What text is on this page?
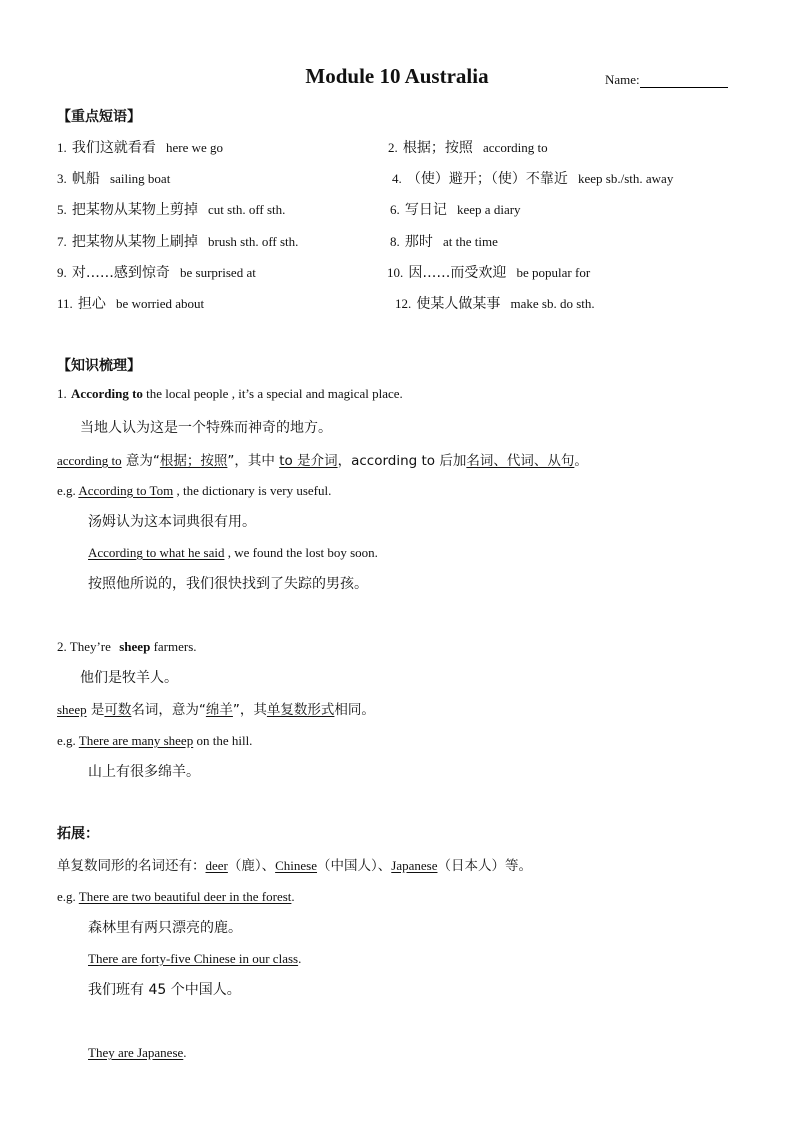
Module 10 Australia	Name:
【重点短语】
1. 我们这就看看 here we go	2. 根据；按照 according to
3. 帆船 sailing boat	4. （使）避开；（使）不靠近 keep sb./sth. away
5. 把某物从某物上剪掉 cut sth. off sth.	6. 写日记 keep a diary
7. 把某物从某物上刷掉 brush sth. off sth.	8. 那时 at the time
9. 对……感到惊奇 be surprised at	10. 因……而受欢迎 be popular for
11. 担心 be worried about	12. 使某人做某事 make sb. do sth.
【知识梳理】
1. According to the local people , it’s a special and magical place.
当地人认为这是一个特殊而神奇的地方。
according to 意为“根据；按照”，其中 to 是介词，according to 后加名词、代词、从句。
e.g. According to Tom , the dictionary is very useful.
汤姆认为这本词典很有用。
According to what he said , we found the lost boy soon.
按照他所说的，我们很快找到了失踪的男孩。
2. They’re  sheep farmers.
他们是牧羊人。
sheep 是可数名词，意为“绵羊”，其单复数形式相同。
e.g. There are many sheep on the hill.
山上有很多绵羊。
拓展：
单复数同形的名词还有：deer（鹿）、Chinese（中国人）、Japanese（日本人）等。
e.g. There are two beautiful deer in the forest.
森林里有两只漂亮的鹿。
There are forty-five Chinese in our class.
我们班有 45 个中国人。
They are Japanese.
